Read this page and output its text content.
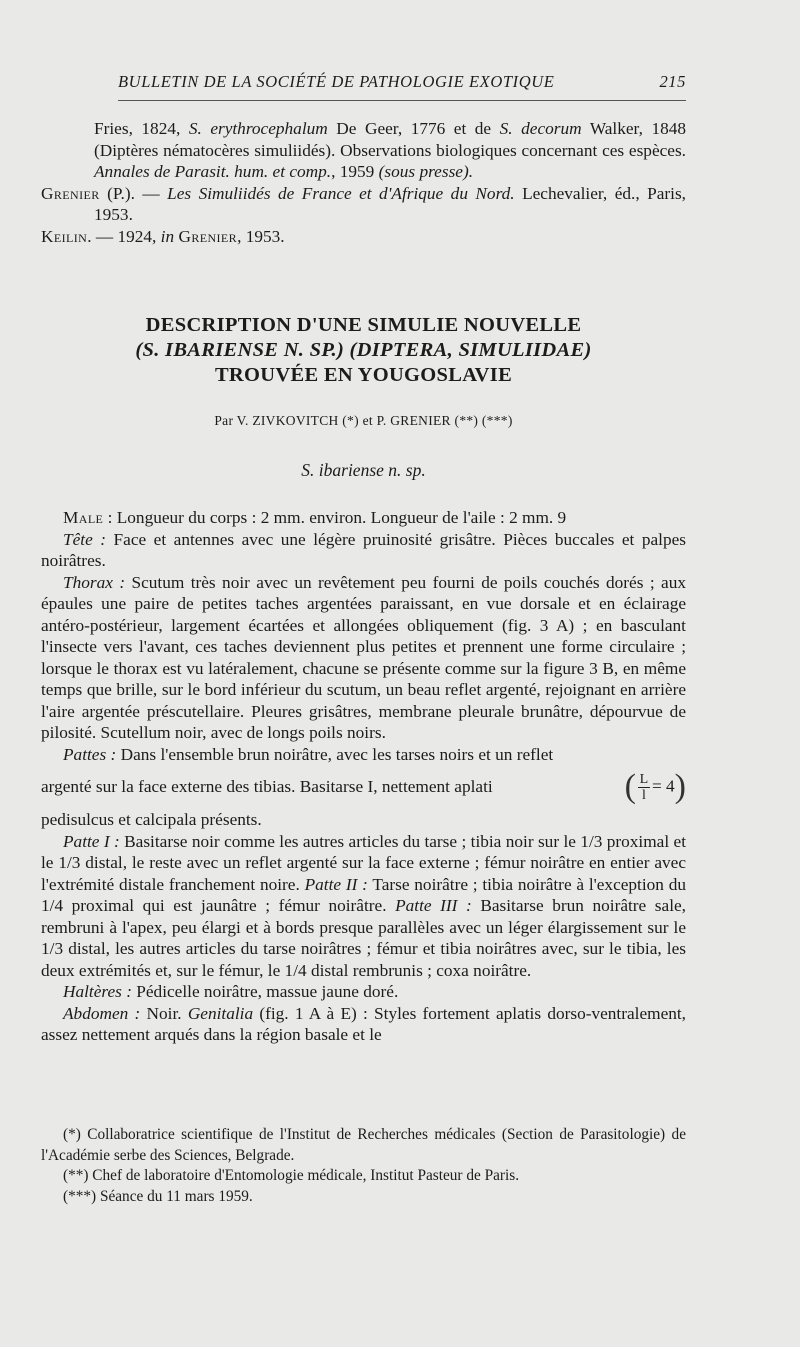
BULLETIN DE LA SOCIÉTÉ DE PATHOLOGIE EXOTIQUE	215

Fries, 1824, S. erythrocephalum De Geer, 1776 et de S. decorum Walker, 1848 (Diptères nématocères simuliidés). Observations biologiques concernant ces espèces. Annales de Parasit. hum. et comp., 1959 (sous presse).

Grenier (P.). — Les Simuliidés de France et d'Afrique du Nord. Lechevalier, éd., Paris, 1953.

Keilin. — 1924, in Grenier, 1953.

DESCRIPTION D'UNE SIMULIE NOUVELLE
(S. IBARIENSE N. SP.) (DIPTERA, SIMULIIDAE)
TROUVÉE EN YOUGOSLAVIE
Par V. ZIVKOVITCH (*) et P. GRENIER (**) (***)
S. ibariense n. sp.

Male : Longueur du corps : 2 mm. environ. Longueur de l'aile : 2 mm. 9

Tête : Face et antennes avec une légère pruinosité grisâtre. Pièces buccales et palpes noirâtres.

Thorax : Scutum très noir avec un revêtement peu fourni de poils couchés dorés ; aux épaules une paire de petites taches argentées paraissant, en vue dorsale et en éclairage antéro-postérieur, largement écartées et allongées obliquement (fig. 3 A) ; en basculant l'insecte vers l'avant, ces taches deviennent plus petites et prennent une forme circulaire ; lorsque le thorax est vu latéralement, chacune se présente comme sur la figure 3 B, en même temps que brille, sur le bord inférieur du scutum, un beau reflet argenté, rejoignant en arrière l'aire argentée préscutellaire. Pleures grisâtres, membrane pleurale brunâtre, dépourvue de pilosité. Scutellum noir, avec de longs poils noirs.

Pattes : Dans l'ensemble brun noirâtre, avec les tarses noirs et un reflet

argenté sur la face externe des tibias. Basitarse I, nettement aplati	( $\frac{L}{l} = 4$)

pedisulcus et calcipala présents.

Patte I : Basitarse noir comme les autres articles du tarse ; tibia noir sur le 1/3 proximal et le 1/3 distal, le reste avec un reflet argenté sur la face externe ; fémur noirâtre en entier avec l'extrémité distale franchement noire. Patte II : Tarse noirâtre ; tibia noirâtre à l'exception du 1/4 proximal qui est jaunâtre ; fémur noirâtre. Patte III : Basitarse brun noirâtre sale, rembruni à l'apex, peu élargi et à bords presque parallèles avec un léger élargissement sur le 1/3 distal, les autres articles du tarse noirâtres ; fémur et tibia noirâtres avec, sur le tibia, les deux extrémités et, sur le fémur, le 1/4 distal rembrunis ; coxa noirâtre.

Haltères : Pédicelle noirâtre, massue jaune doré.

Abdomen : Noir. Genitalia (fig. 1 A à E) : Styles fortement aplatis dorso-ventralement, assez nettement arqués dans la région basale et le

(*) Collaboratrice scientifique de l'Institut de Recherches médicales (Section de Parasitologie) de l'Académie serbe des Sciences, Belgrade.

(**) Chef de laboratoire d'Entomologie médicale, Institut Pasteur de Paris.

(***) Séance du 11 mars 1959.
